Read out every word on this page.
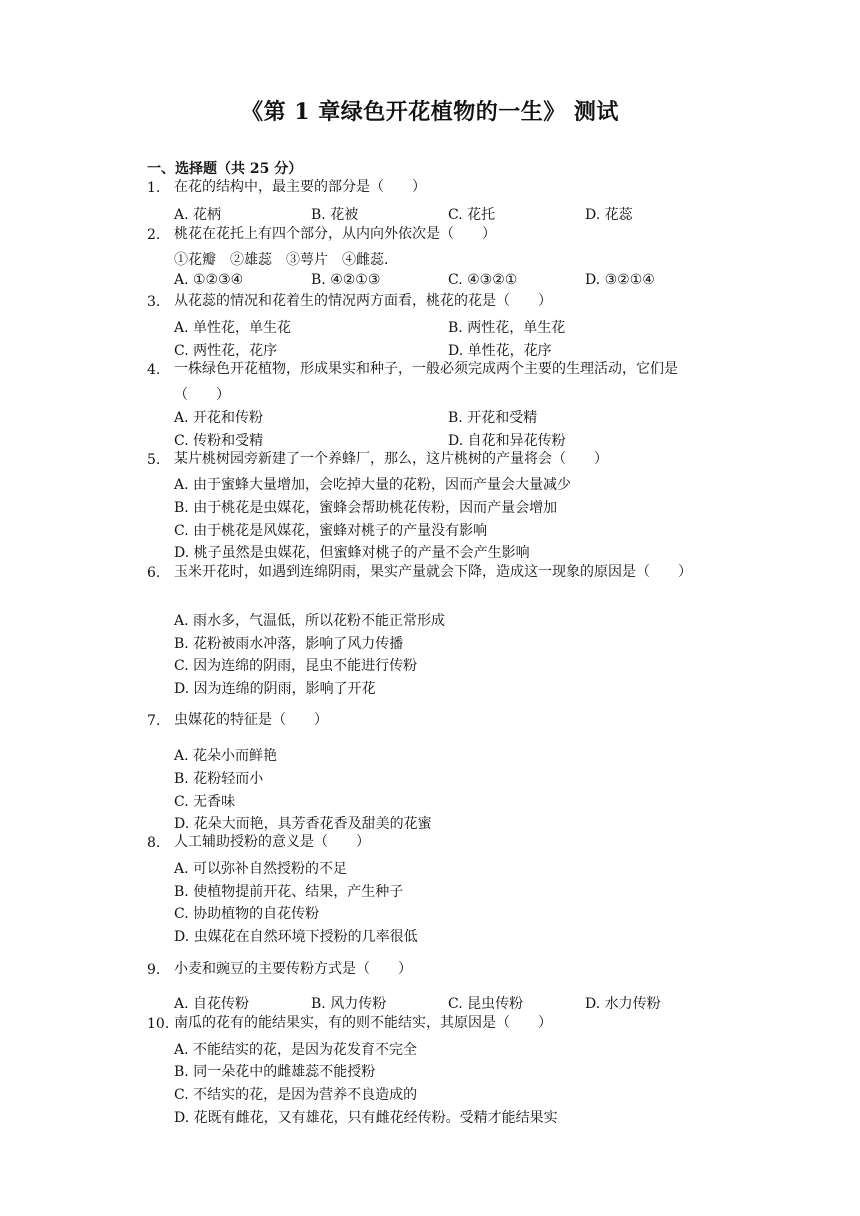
《第 1 章绿色开花植物的一生》 测试
一、选择题（共 25 分）
1. 在花的结构中，最主要的部分是（　　）
A. 花柄	B. 花被	C. 花托	D. 花蕊
2. 桃花在花托上有四个部分，从内向外依次是（　　）
①花瓣　②雄蕊　③萼片　④雌蕊．
A. ①②③④	B. ④②①③	C. ④③②①	D. ③②①④
3. 从花蕊的情况和花着生的情况两方面看，桃花的花是（　　）
A. 单性花，单生花	B. 两性花，单生花
C. 两性花，花序	D. 单性花，花序
4. 一株绿色开花植物，形成果实和种子，一般必须完成两个主要的生理活动，它们是
（　　）
A. 开花和传粉	B. 开花和受精
C. 传粉和受精	D. 自花和异花传粉
5. 某片桃树园旁新建了一个养蜂厂，那么，这片桃树的产量将会（　　）
A. 由于蜜蜂大量增加，会吃掉大量的花粉，因而产量会大量减少
B. 由于桃花是虫媒花，蜜蜂会帮助桃花传粉，因而产量会增加
C. 由于桃花是风媒花，蜜蜂对桃子的产量没有影响
D. 桃子虽然是虫媒花，但蜜蜂对桃子的产量不会产生影响
6. 玉米开花时，如遇到连绵阴雨，果实产量就会下降，造成这一现象的原因是（　　）
A. 雨水多，气温低，所以花粉不能正常形成
B. 花粉被雨水冲落，影响了风力传播
C. 因为连绵的阴雨，昆虫不能进行传粉
D. 因为连绵的阴雨，影响了开花
7. 虫媒花的特征是（　　）
A. 花朵小而鲜艳
B. 花粉轻而小
C. 无香味
D. 花朵大而艳，具芳香花香及甜美的花蜜
8. 人工辅助授粉的意义是（　　）
A. 可以弥补自然授粉的不足
B. 使植物提前开花、结果，产生种子
C. 协助植物的自花传粉
D. 虫媒花在自然环境下授粉的几率很低
9. 小麦和豌豆的主要传粉方式是（　　）
A. 自花传粉	B. 风力传粉	C. 昆虫传粉	D. 水力传粉
10. 南瓜的花有的能结果实，有的则不能结实，其原因是（　　）
A. 不能结实的花，是因为花发育不完全
B. 同一朵花中的雌雄蕊不能授粉
C. 不结实的花，是因为营养不良造成的
D. 花既有雌花，又有雄花，只有雌花经传粉。受精才能结果实
